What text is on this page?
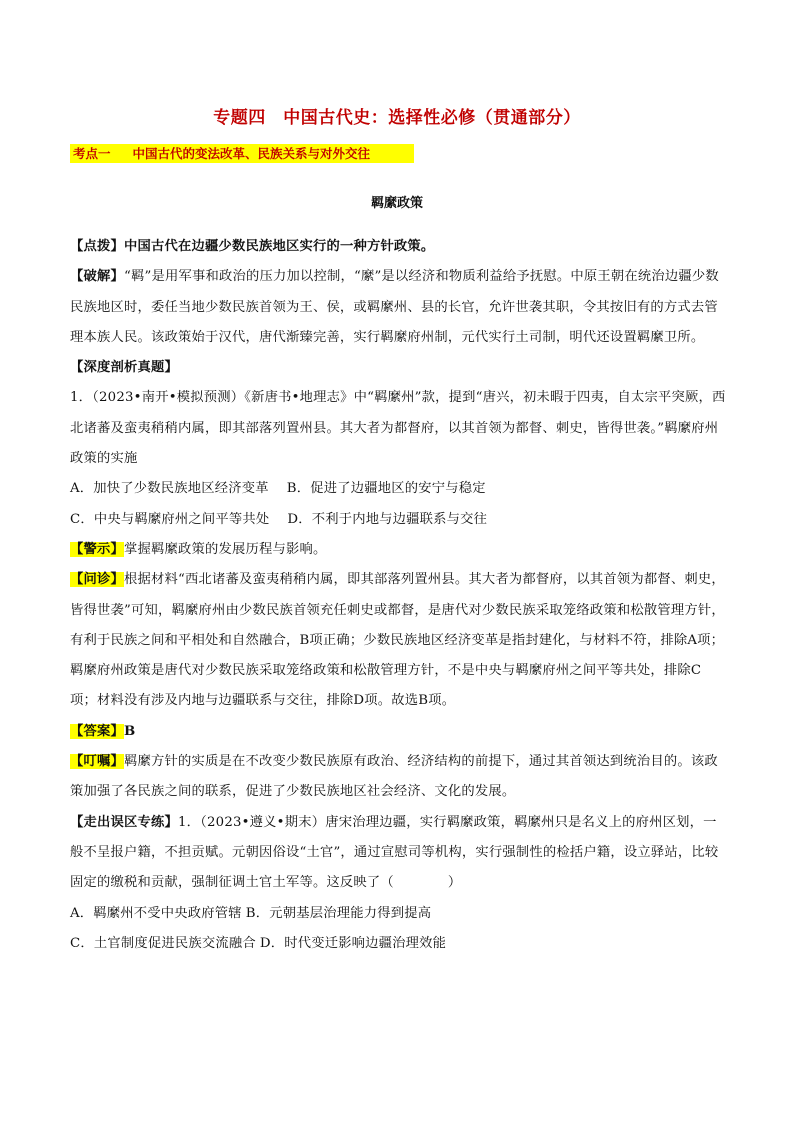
专题四　中国古代史：选择性必修（贯通部分）
考点一 中国古代的变法改革、民族关系与对外交往
羁縻政策

【点拨】中国古代在边疆少数民族地区实行的一种方针政策。

【破解】“羁”是用军事和政治的压力加以控制，“縻”是以经济和物质利益给予抚慰。中原王朝在统治边疆少数民族地区时，委任当地少数民族首领为王、侯，或羁縻州、县的长官，允许世袭其职，令其按旧有的方式去管理本族人民。该政策始于汉代，唐代渐臻完善，实行羁縻府州制，元代实行土司制，明代还设置羁縻卫所。

【深度剖析真题】

1．（2023•南开•模拟预测）《新唐书•地理志》中“羁縻州”款，提到“唐兴，初未暇于四夷，自太宗平突厥，西北诸蕃及蛮夷稍稍内属，即其部落列置州县。其大者为都督府，以其首领为都督、刺史，皆得世袭。”羁縻府州政策的实施

A．加快了少数民族地区经济变革 B．促进了边疆地区的安宁与稳定

C．中央与羁縻府州之间平等共处 D．不利于内地与边疆联系与交往

【警示】掌握羁縻政策的发展历程与影响。

【问诊】根据材料“西北诸蕃及蛮夷稍稍内属，即其部落列置州县。其大者为都督府，以其首领为都督、刺史，皆得世袭”可知，羁縻府州由少数民族首领充任刺史或都督，是唐代对少数民族采取笼络政策和松散管理方针，有利于民族之间和平相处和自然融合，B项正确；少数民族地区经济变革是指封建化，与材料不符，排除A项；羁縻府州政策是唐代对少数民族采取笼络政策和松散管理方针，不是中央与羁縻府州之间平等共处，排除C项；材料没有涉及内地与边疆联系与交往，排除D项。故选B项。

【答案】B

【叮嘱】羁縻方针的实质是在不改变少数民族原有政治、经济结构的前提下，通过其首领达到统治目的。该政策加强了各民族之间的联系，促进了少数民族地区社会经济、文化的发展。

【走出误区专练】1．（2023•遵义•期末）唐宋治理边疆，实行羁縻政策，羁縻州只是名义上的府州区划，一般不呈报户籍，不担贡赋。元朝因俗设“土官”，通过宣慰司等机构，实行强制性的检括户籍，设立驿站，比较固定的缴税和贡献，强制征调土官土军等。这反映了（　　　　）

A．羁縻州不受中央政府管辖 B．元朝基层治理能力得到提高

C．土官制度促进民族交流融合 D．时代变迁影响边疆治理效能
